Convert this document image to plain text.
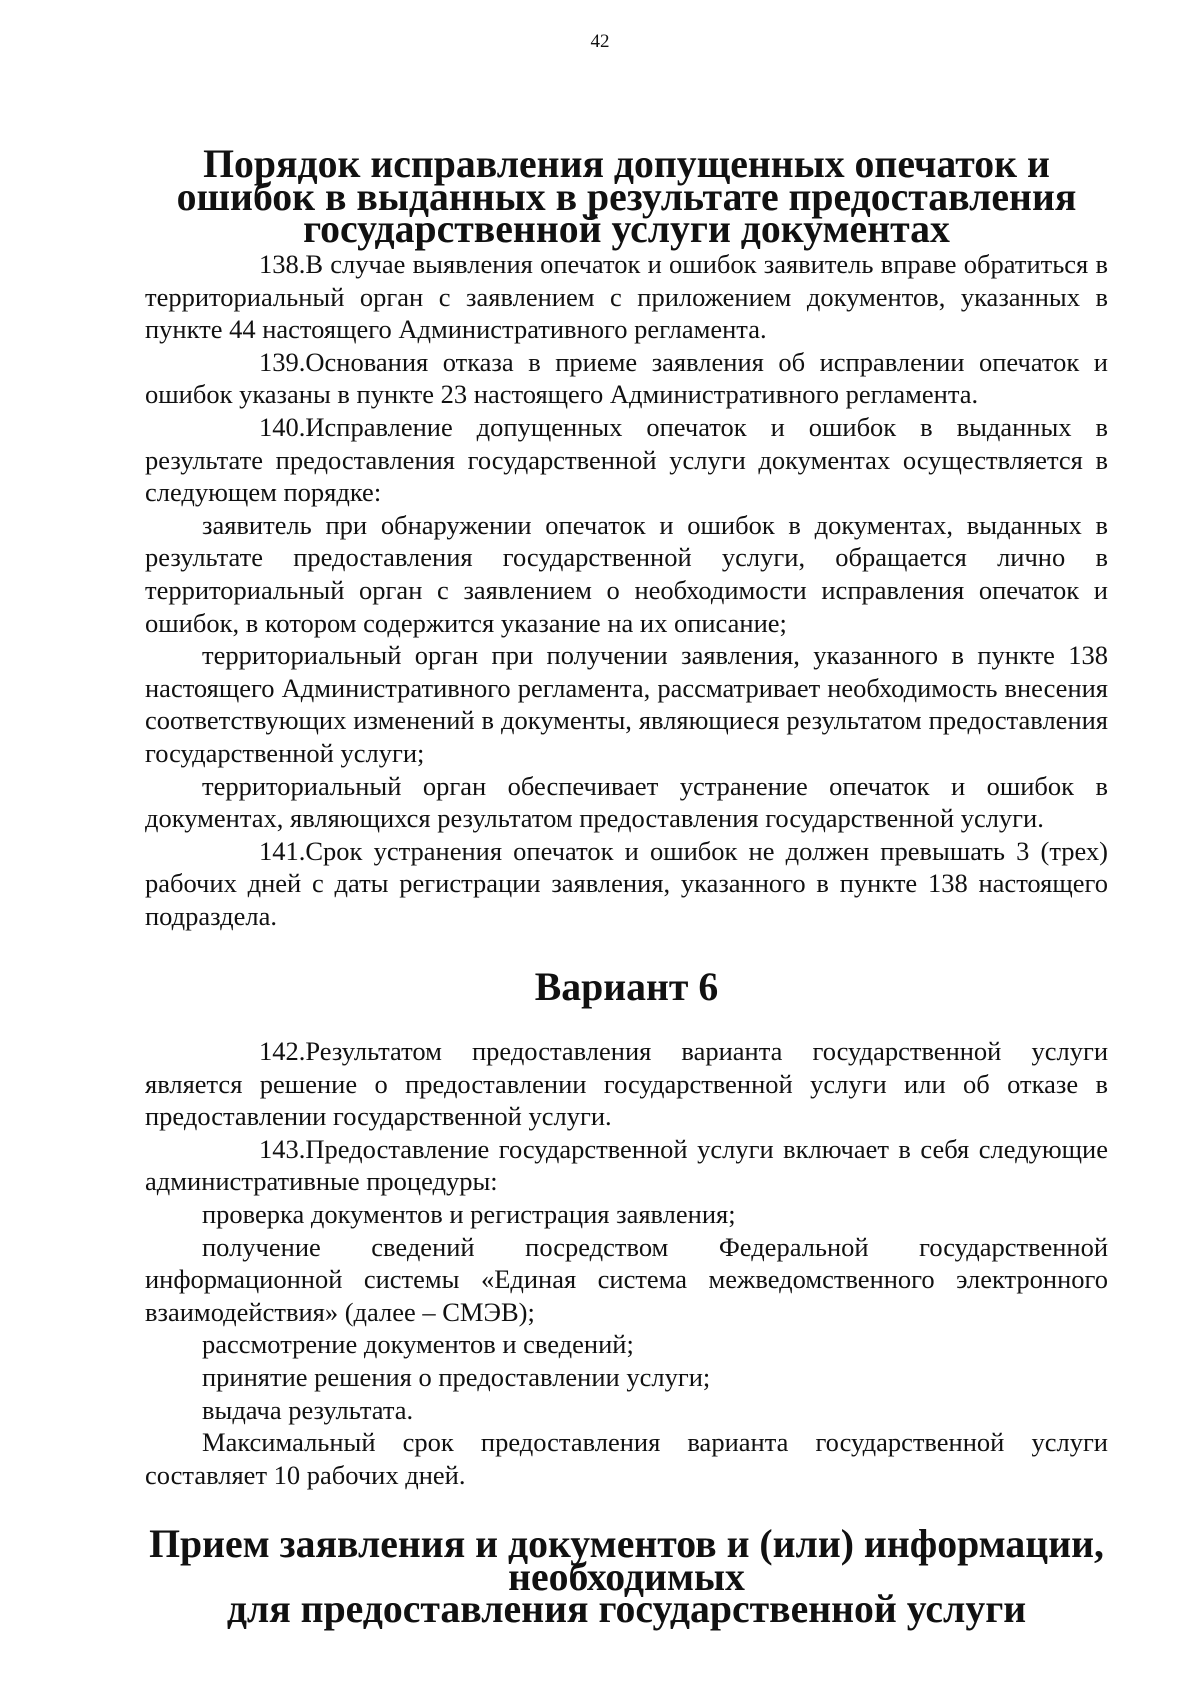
42
Порядок исправления допущенных опечаток и ошибок в выданных в результате предоставления государственной услуги документах

138.В случае выявления опечаток и ошибок заявитель вправе обратиться в территориальный орган с заявлением с приложением документов, указанных в пункте 44 настоящего Административного регламента.

139.Основания отказа в приеме заявления об исправлении опечаток и ошибок указаны в пункте 23 настоящего Административного регламента.

140.Исправление допущенных опечаток и ошибок в выданных в результате предоставления государственной услуги документах осуществляется в следующем порядке:

заявитель при обнаружении опечаток и ошибок в документах, выданных в результате предоставления государственной услуги, обращается лично в территориальный орган с заявлением о необходимости исправления опечаток и ошибок, в котором содержится указание на их описание;

территориальный орган при получении заявления, указанного в пункте 138 настоящего Административного регламента, рассматривает необходимость внесения соответствующих изменений в документы, являющиеся результатом предоставления государственной услуги;

территориальный орган обеспечивает устранение опечаток и ошибок в документах, являющихся результатом предоставления государственной услуги.

141.Срок устранения опечаток и ошибок не должен превышать 3 (трех) рабочих дней с даты регистрации заявления, указанного в пункте 138 настоящего подраздела.

Вариант 6

142.Результатом предоставления варианта государственной услуги является решение о предоставлении государственной услуги или об отказе в предоставлении государственной услуги.

143.Предоставление государственной услуги включает в себя следующие административные процедуры:

проверка документов и регистрация заявления;

получение сведений посредством Федеральной государственной информационной системы «Единая система межведомственного электронного взаимодействия» (далее – СМЭВ);

рассмотрение документов и сведений;

принятие решения о предоставлении услуги;

выдача результата.

Максимальный срок предоставления варианта государственной услуги составляет 10 рабочих дней.

Прием заявления и документов и (или) информации, необходимых
для предоставления государственной услуги
